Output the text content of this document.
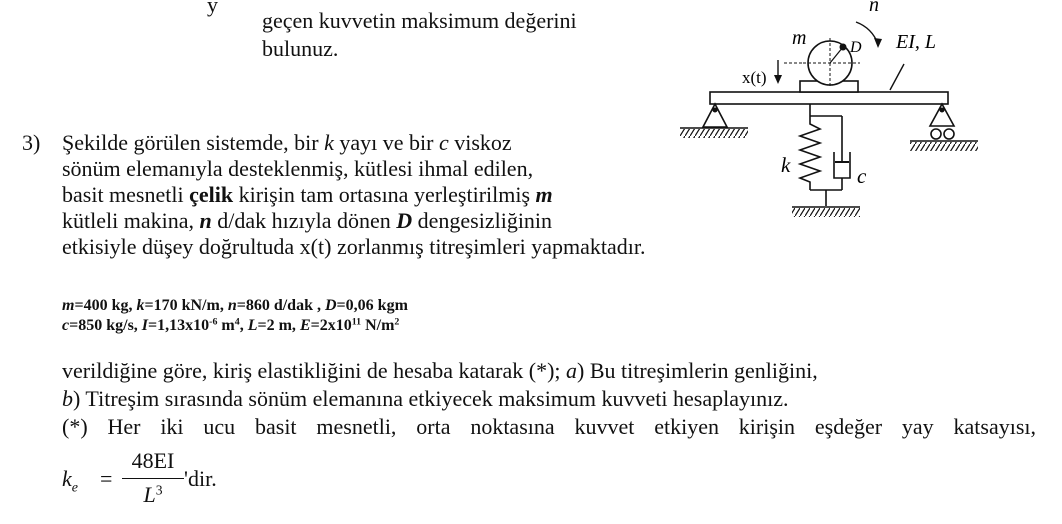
y
geçen kuvvetin maksimum değerini
bulunuz.
3) Şekilde görülen sistemde, bir k yayı ve bir c viskoz
sönüm elemanıyla desteklenmiş, kütlesi ihmal edilen,
basit mesnetli çelik kirişin tam ortasına yerleştirilmiş m
kütleli makina, n d/dak hızıyla dönen D dengesizliğinin
etkisiyle düşey doğrultuda x(t) zorlanmış titreşimleri yapmaktadır.
m=400 kg, k=170 kN/m, n=860 d/dak , D=0,06 kgm
c=850 kg/s, $I=1,13x10^{-6}$ $m^4$, L=2 m, $E=2x10^{11}$ $N/m^2$
verildiğine göre, kiriş elastikliğini de hesaba katarak (*); a) Bu titreşimlerin genliğini,
b) Titreşim sırasında sönüm elemanına etkiyecek maksimum kuvveti hesaplayınız.
(*) Her iki ucu basit mesnetli, orta noktasına kuvvet etkiyen kirişin eşdeğer yay katsayısı,
$k_e$ =
48EI
$L^3$ 'dir.
n
m	D EI, L
x(t)
k	c
